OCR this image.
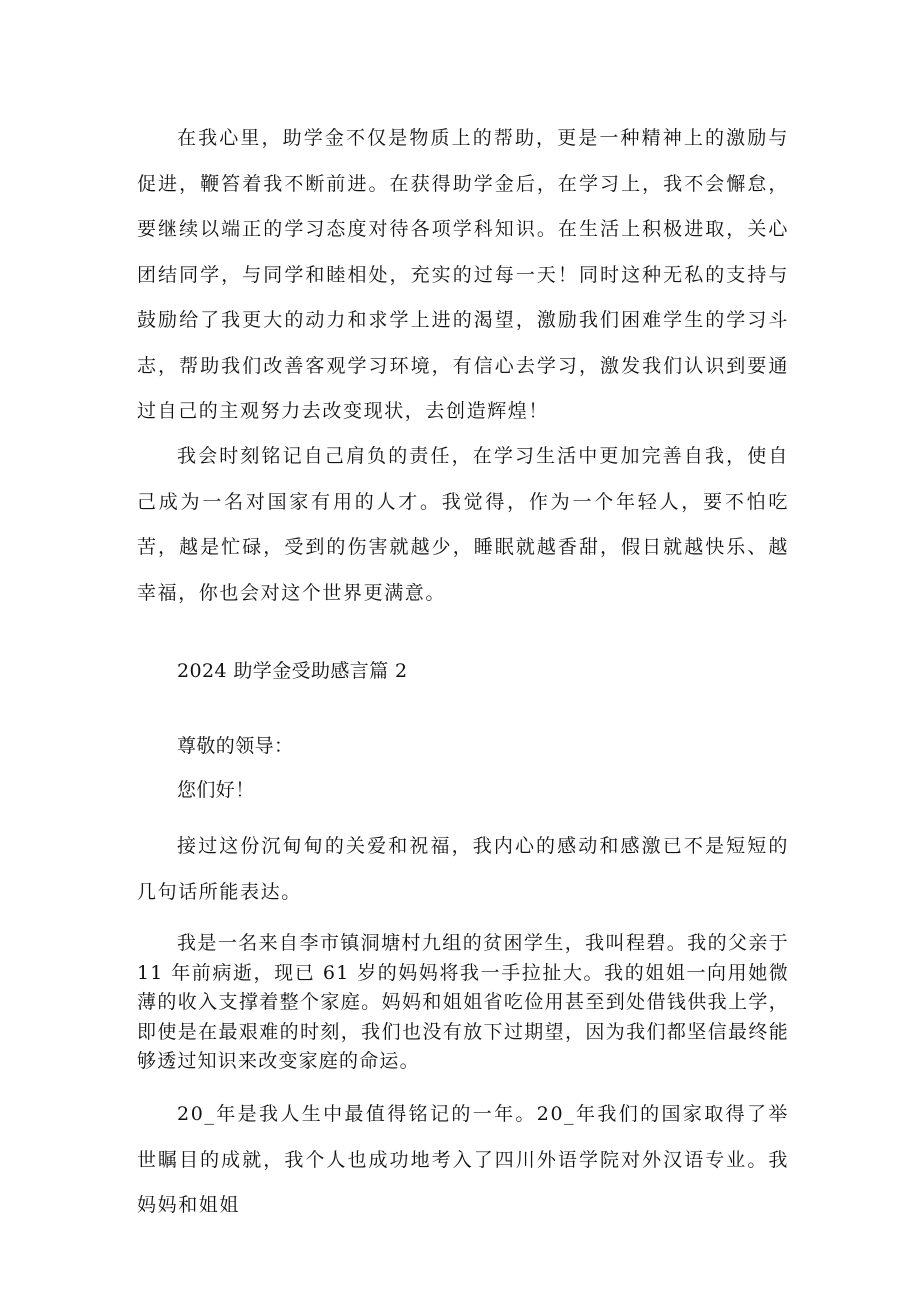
在我心里，助学金不仅是物质上的帮助，更是一种精神上的激励与促进，鞭笞着我不断前进。在获得助学金后，在学习上，我不会懈怠，要继续以端正的学习态度对待各项学科知识。在生活上积极进取，关心团结同学，与同学和睦相处，充实的过每一天！同时这种无私的支持与鼓励给了我更大的动力和求学上进的渴望，激励我们困难学生的学习斗志，帮助我们改善客观学习环境，有信心去学习，激发我们认识到要通过自己的主观努力去改变现状，去创造辉煌！

我会时刻铭记自己肩负的责任，在学习生活中更加完善自我，使自己成为一名对国家有用的人才。我觉得，作为一个年轻人，要不怕吃苦，越是忙碌，受到的伤害就越少，睡眠就越香甜，假日就越快乐、越幸福，你也会对这个世界更满意。

2024 助学金受助感言篇 2

尊敬的领导：

您们好！

接过这份沉甸甸的关爱和祝福，我内心的感动和感激已不是短短的几句话所能表达。

我是一名来自李市镇洞塘村九组的贫困学生，我叫程碧。我的父亲于 11 年前病逝，现已 61 岁的妈妈将我一手拉扯大。我的姐姐一向用她微薄的收入支撑着整个家庭。妈妈和姐姐省吃俭用甚至到处借钱供我上学，即使是在最艰难的时刻，我们也没有放下过期望，因为我们都坚信最终能够透过知识来改变家庭的命运。

20_年是我人生中最值得铭记的一年。20_年我们的国家取得了举世瞩目的成就，我个人也成功地考入了四川外语学院对外汉语专业。我妈妈和姐姐
